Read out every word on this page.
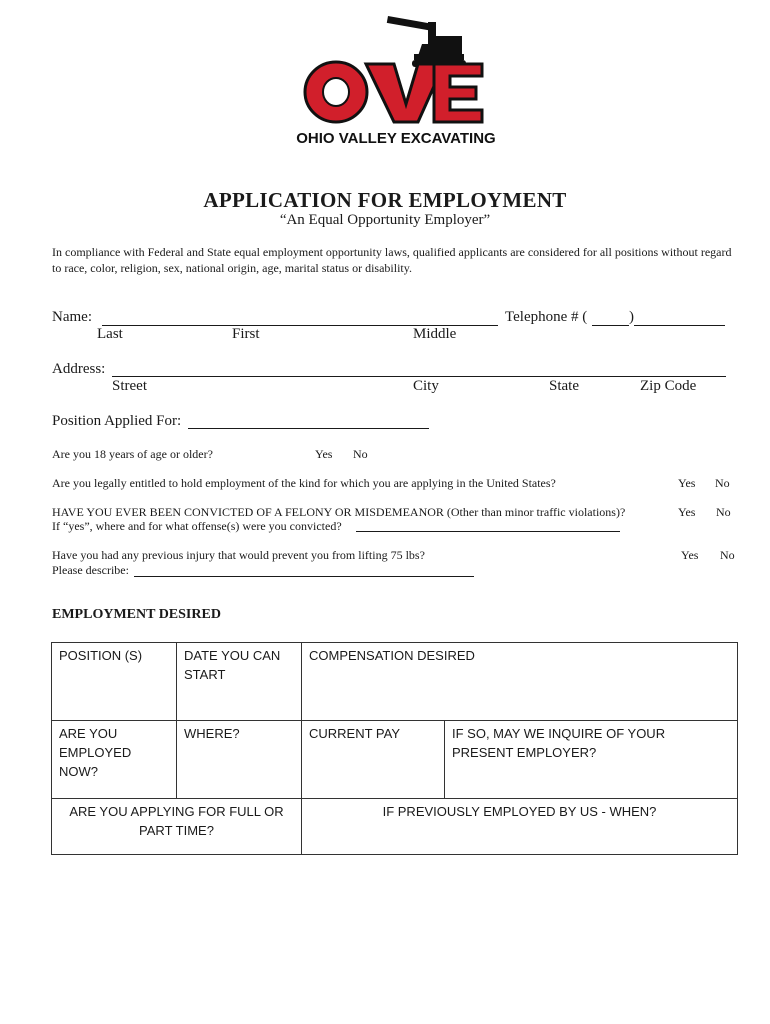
OHIO VALLEY EXCAVATING
APPLICATION FOR EMPLOYMENT
“An Equal Opportunity Employer”
In compliance with Federal and State equal employment opportunity laws, qualified applicants are considered for all positions without regard to race, color, religion, sex, national origin, age, marital status or disability.
Name:	Telephone # (	)
Last	First	Middle
Address:
Street	City	State	Zip Code
Position Applied For:
Are you 18 years of age or older?	Yes No
Are you legally entitled to hold employment of the kind for which you are applying in the United States?	Yes No
HAVE YOU EVER BEEN CONVICTED OF A FELONY OR MISDEMEANOR (Other than minor traffic violations)?	Yes No
If “yes”, where and for what offense(s) were you convicted?
Have you had any previous injury that would prevent you from lifting 75 lbs?	Yes No
Please describe:
EMPLOYMENT DESIRED
POSITION (S)	DATE YOU CAN START	COMPENSATION DESIRED	
ARE YOU EMPLOYED NOW?	WHERE?	CURRENT PAY	IF SO, MAY WE INQUIRE OF YOUR PRESENT EMPLOYER?
ARE YOU APPLYING FOR FULL OR PART TIME?		IF PREVIOUSLY EMPLOYED BY US - WHEN?	
